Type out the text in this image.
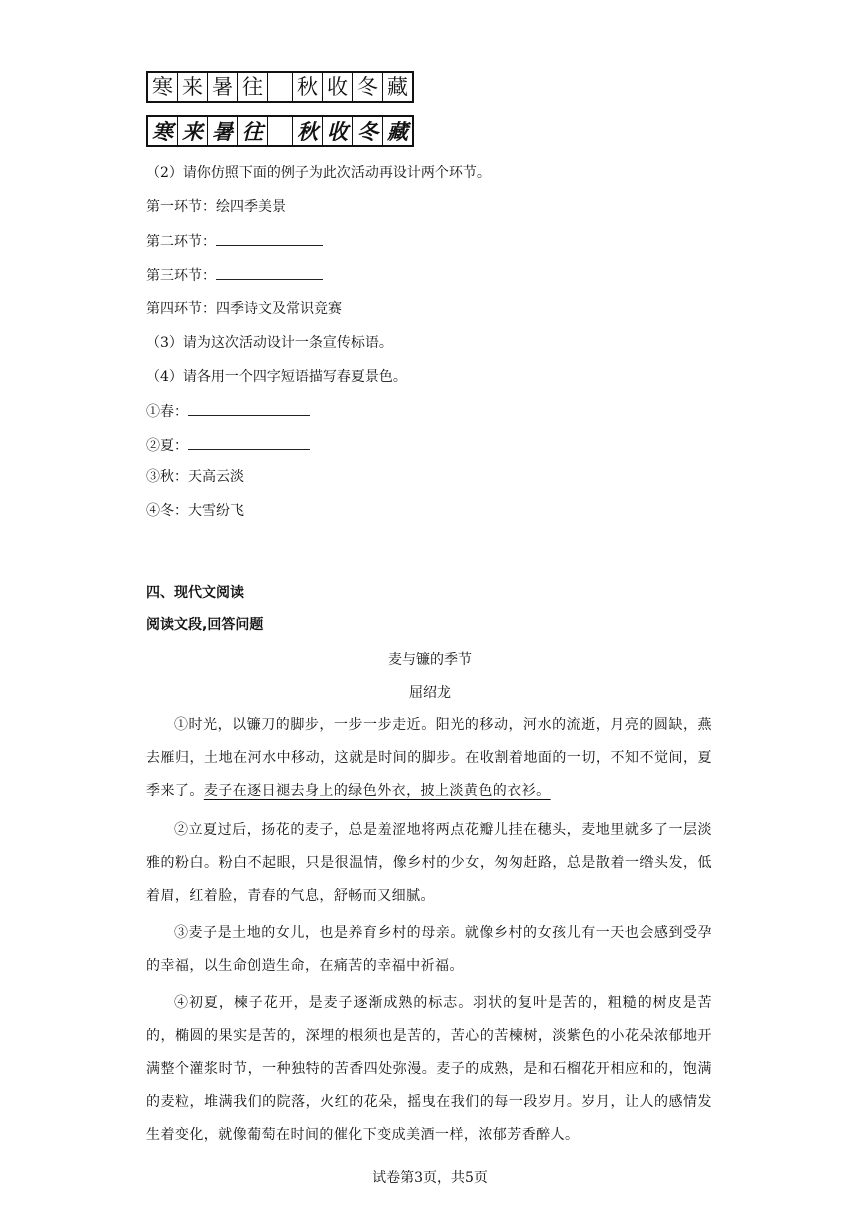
寒 来 暑 往 秋 收 冬 藏
寒 来 暑 往 秋 收 冬 藏
（2）请你仿照下面的例子为此次活动再设计两个环节。
第一环节：绘四季美景
第二环节：
第三环节：
第四环节：四季诗文及常识竞赛
（3）请为这次活动设计一条宣传标语。
（4）请各用一个四字短语描写春夏景色。
①春：
②夏：
③秋：天高云淡
④冬：大雪纷飞
四、现代文阅读
阅读文段,回答问题
麦与镰的季节
屈绍龙
①时光，以镰刀的脚步，一步一步走近。阳光的移动，河水的流逝，月亮的圆缺，燕去雁归，土地在河水中移动，这就是时间的脚步。在收割着地面的一切，不知不觉间，夏季来了。麦子在逐日褪去身上的绿色外衣，披上淡黄色的衣衫。
②立夏过后，扬花的麦子，总是羞涩地将两点花瓣儿挂在穗头，麦地里就多了一层淡雅的粉白。粉白不起眼，只是很温情，像乡村的少女，匆匆赶路，总是散着一绺头发，低着眉，红着脸，青春的气息，舒畅而又细腻。
③麦子是土地的女儿，也是养育乡村的母亲。就像乡村的女孩儿有一天也会感到受孕的幸福，以生命创造生命，在痛苦的幸福中祈福。
④初夏，楝子花开，是麦子逐渐成熟的标志。羽状的复叶是苦的，粗糙的树皮是苦的，椭圆的果实是苦的，深埋的根须也是苦的，苦心的苦楝树，淡紫色的小花朵浓郁地开满整个灌浆时节，一种独特的苦香四处弥漫。麦子的成熟，是和石榴花开相应和的，饱满的麦粒，堆满我们的院落，火红的花朵，摇曳在我们的每一段岁月。岁月，让人的感情发生着变化，就像葡萄在时间的催化下变成美酒一样，浓郁芳香醉人。
试卷第3页，共5页
